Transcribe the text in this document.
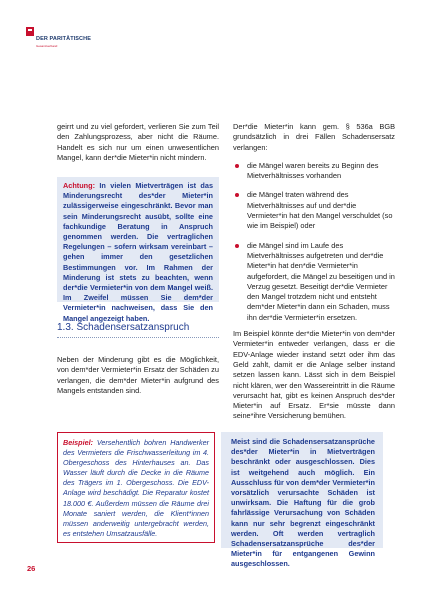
DER PARITÄTISCHE
Gesamtverband

geirrt und zu viel gefordert, verlieren Sie zum Teil den Zahlungsprozess, aber nicht die Räume. Handelt es sich nur um einen unwesentlichen Mangel, kann der*die Mieter*in nicht mindern.

Achtung: In vielen Mietverträgen ist das Minderungsrecht des*der Mieter*in zulässigerweise eingeschränkt. Bevor man sein Minderungsrecht ausübt, sollte eine fachkundige Beratung in Anspruch genommen werden. Die vertraglichen Regelungen – sofern wirksam vereinbart – gehen immer den gesetzlichen Bestimmungen vor. Im Rahmen der Minderung ist stets zu beachten, wenn der*die Vermieter*in von dem Mangel weiß. Im Zweifel müssen Sie dem*der Vermieter*in nachweisen, dass Sie den Mangel angezeigt haben.

1.3. Schadensersatzanspruch

Neben der Minderung gibt es die Möglichkeit, von dem*der Vermieter*in Ersatz der Schäden zu verlangen, die dem*der Mieter*in aufgrund des Mangels entstanden sind.

Beispiel: Versehentlich bohren Handwerker des Vermieters die Frischwasserleitung im 4. Obergeschoss des Hinterhauses an. Das Wasser läuft durch die Decke in die Räume des Trägers im 1. Obergeschoss. Die EDV-Anlage wird beschädigt. Die Reparatur kostet 18.000 €. Außerdem müssen die Räume drei Monate saniert werden, die Klient*innen müssen anderweitig untergebracht werden, es entstehen Umsatzausfälle.

Der*die Mieter*in kann gem. § 536a BGB grundsätzlich in drei Fällen Schadensersatz verlangen:

die Mängel waren bereits zu Beginn des Mietverhältnisses vorhanden
die Mängel traten während des Mietverhältnisses auf und der*die Vermieter*in hat den Mangel verschuldet (so wie im Beispiel) oder
die Mängel sind im Laufe des Mietverhältnisses aufgetreten und der*die Mieter*in hat den*die Vermieter*in aufgefordert, die Mängel zu beseitigen und in Verzug gesetzt. Beseitigt der*die Vermieter den Mangel trotzdem nicht und entsteht dem*der Mieter*in dann ein Schaden, muss ihn der*die Vermieter*in ersetzen.

Im Beispiel könnte der*die Mieter*in von dem*der Vermieter*in entweder verlangen, dass er die EDV-Anlage wieder instand setzt oder ihm das Geld zahlt, damit er die Anlage selber instand setzen lassen kann. Lässt sich in dem Beispiel nicht klären, wer den Wassereintritt in die Räume verursacht hat, gibt es keinen Anspruch des*der Mieter*in auf Ersatz. Er*sie müsste dann seine*ihre Versicherung bemühen.

Meist sind die Schadensersatzansprüche des*der Mieter*in in Mietverträgen beschränkt oder ausgeschlossen. Dies ist weitgehend auch möglich. Ein Ausschluss für von dem*der Vermieter*in vorsätzlich verursachte Schäden ist unwirksam. Die Haftung für die grob fahrlässige Verursachung von Schäden kann nur sehr begrenzt eingeschränkt werden. Oft werden vertraglich Schadensersatzansprüche des*der Mieter*in für entgangenen Gewinn ausgeschlossen.

26
